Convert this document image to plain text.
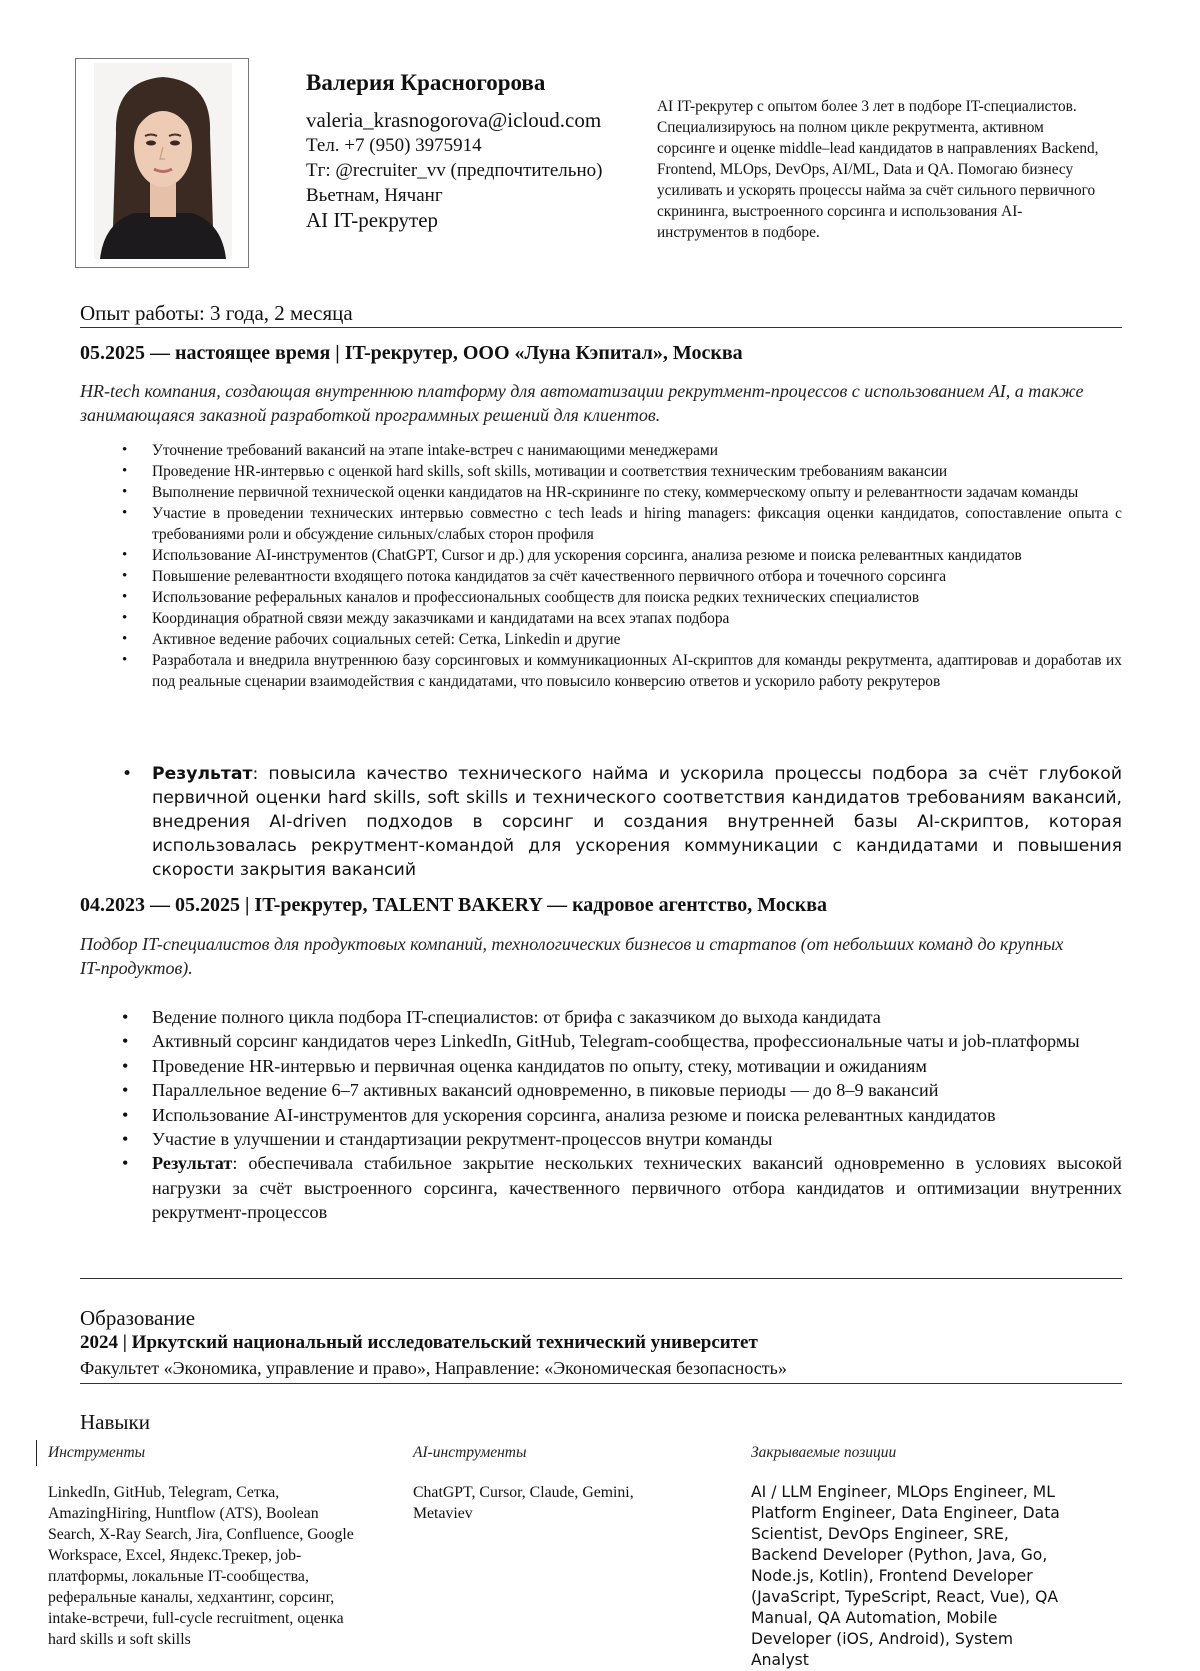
Валерия Красногорова
valeria_krasnogorova@icloud.com
Тел. +7 (950) 3975914
Тг: @recruiter_vv (предпочтительно)
Вьетнам, Нячанг
AI IT-рекрутер
AI IT-рекрутер с опытом более 3 лет в подборе IT-специалистов. Специализируюсь на полном цикле рекрутмента, активном сорсинге и оценке middle–lead кандидатов в направлениях Backend, Frontend, MLOps, DevOps, AI/ML, Data и QA. Помогаю бизнесу усиливать и ускорять процессы найма за счёт сильного первичного скрининга, выстроенного сорсинга и использования AI-инструментов в подборе.
Опыт работы: 3 года, 2 месяца
05.2025 — настоящее время | IT-рекрутер, ООО «Луна Кэпитал», Москва
HR-tech компания, создающая внутреннюю платформу для автоматизации рекрутмент-процессов с использованием AI, а также занимающаяся заказной разработкой программных решений для клиентов.
• Уточнение требований вакансий на этапе intake-встреч с нанимающими менеджерами
• Проведение HR-интервью с оценкой hard skills, soft skills, мотивации и соответствия техническим требованиям вакансии
• Выполнение первичной технической оценки кандидатов на HR-скрининге по стеку, коммерческому опыту и релевантности задачам команды
• Участие в проведении технических интервью совместно с tech leads и hiring managers: фиксация оценки кандидатов, сопоставление опыта с требованиями роли и обсуждение сильных/слабых сторон профиля
• Использование AI-инструментов (ChatGPT, Cursor и др.) для ускорения сорсинга, анализа резюме и поиска релевантных кандидатов
• Повышение релевантности входящего потока кандидатов за счёт качественного первичного отбора и точечного сорсинга
• Использование реферальных каналов и профессиональных сообществ для поиска редких технических специалистов
• Координация обратной связи между заказчиками и кандидатами на всех этапах подбора
• Активное ведение рабочих социальных сетей: Сетка, Linkedin и другие
• Разработала и внедрила внутреннюю базу сорсинговых и коммуникационных AI-скриптов для команды рекрутмента, адаптировав и доработав их под реальные сценарии взаимодействия с кандидатами, что повысило конверсию ответов и ускорило работу рекрутеров
• Результат: повысила качество технического найма и ускорила процессы подбора за счёт глубокой первичной оценки hard skills, soft skills и технического соответствия кандидатов требованиям вакансий, внедрения AI-driven подходов в сорсинг и создания внутренней базы AI-скриптов, которая использовалась рекрутмент-командой для ускорения коммуникации с кандидатами и повышения скорости закрытия вакансий
04.2023 — 05.2025 | IT-рекрутер, TALENT BAKERY — кадровое агентство, Москва
Подбор IT-специалистов для продуктовых компаний, технологических бизнесов и стартапов (от небольших команд до крупных IT-продуктов).
• Ведение полного цикла подбора IT-специалистов: от брифа с заказчиком до выхода кандидата
• Активный сорсинг кандидатов через LinkedIn, GitHub, Telegram-сообщества, профессиональные чаты и job-платформы
• Проведение HR-интервью и первичная оценка кандидатов по опыту, стеку, мотивации и ожиданиям
• Параллельное ведение 6–7 активных вакансий одновременно, в пиковые периоды — до 8–9 вакансий
• Использование AI-инструментов для ускорения сорсинга, анализа резюме и поиска релевантных кандидатов
• Участие в улучшении и стандартизации рекрутмент-процессов внутри команды
• Результат: обеспечивала стабильное закрытие нескольких технических вакансий одновременно в условиях высокой нагрузки за счёт выстроенного сорсинга, качественного первичного отбора кандидатов и оптимизации внутренних рекрутмент-процессов
Образование
2024 | Иркутский национальный исследовательский технический университет
Факультет «Экономика, управление и право», Направление: «Экономическая безопасность»
Навыки
Инструменты
LinkedIn, GitHub, Telegram, Сетка, AmazingHiring, Huntflow (ATS), Boolean Search, X-Ray Search, Jira, Confluence, Google Workspace, Excel, Яндекс.Трекер, job-платформы, локальные IT-сообщества, реферальные каналы, хедхантинг, сорсинг, intake-встречи, full-cycle recruitment, оценка hard skills и soft skills
AI-инструменты
ChatGPT, Cursor, Claude, Gemini, Metaviev
Закрываемые позиции
AI / LLM Engineer, MLOps Engineer, ML Platform Engineer, Data Engineer, Data Scientist, DevOps Engineer, SRE, Backend Developer (Python, Java, Go, Node.js, Kotlin), Frontend Developer (JavaScript, TypeScript, React, Vue), QA Manual, QA Automation, Mobile Developer (iOS, Android), System Analyst
